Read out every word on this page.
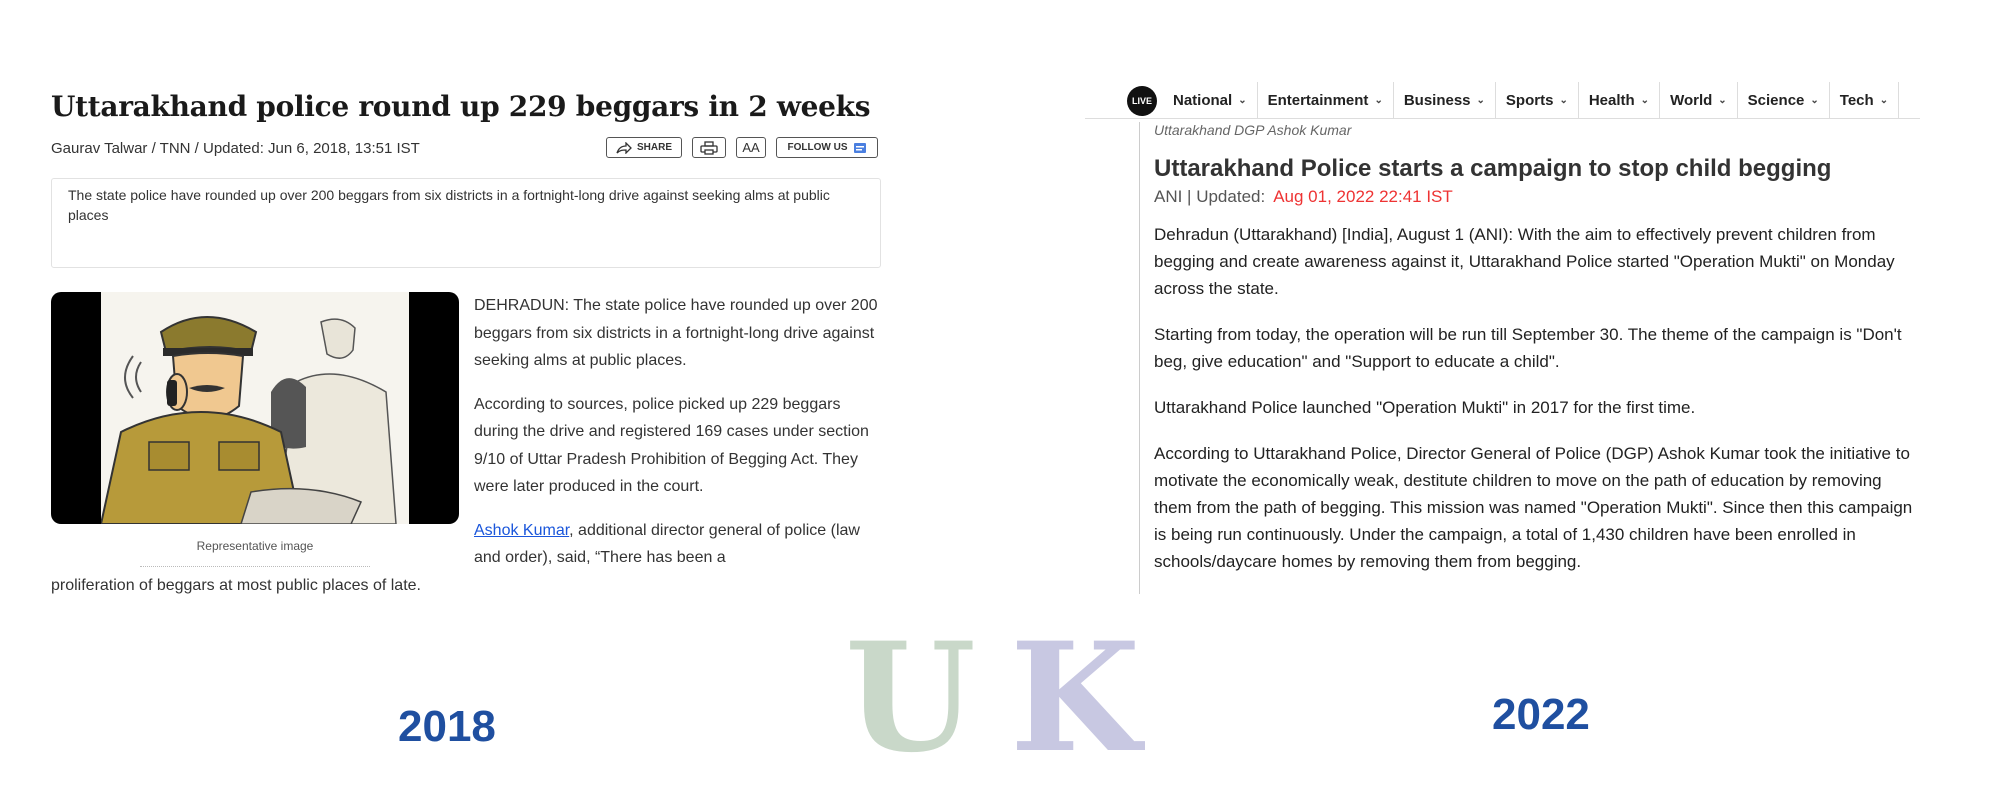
Uttarakhand police round up 229 beggars in 2 weeks
Gaurav Talwar / TNN / Updated: Jun 6, 2018, 13:51 IST	SHARE	AA	FOLLOW US
The state police have rounded up over 200 beggars from six districts in a fortnight-long drive against seeking alms at public places
Representative image

DEHRADUN: The state police have rounded up over 200 beggars from six districts in a fortnight-long drive against seeking alms at public places.

According to sources, police picked up 229 beggars during the drive and registered 169 cases under section 9/10 of Uttar Pradesh Prohibition of Begging Act. They were later produced in the court.

Ashok Kumar, additional director general of police (law and order), said, “There has been a

proliferation of beggars at most public places of late.
2018
LIVE	National ⌄ Entertainment ⌄ Business ⌄ Sports ⌄ Health ⌄ World ⌄ Science ⌄ Tech ⌄
Uttarakhand DGP Ashok Kumar
Uttarakhand Police starts a campaign to stop child begging
ANI | Updated: Aug 01, 2022 22:41 IST

Dehradun (Uttarakhand) [India], August 1 (ANI): With the aim to effectively prevent children from begging and create awareness against it, Uttarakhand Police started "Operation Mukti" on Monday across the state.

Starting from today, the operation will be run till September 30. The theme of the campaign is "Don't beg, give education" and "Support to educate a child".

Uttarakhand Police launched "Operation Mukti" in 2017 for the first time.

According to Uttarakhand Police, Director General of Police (DGP) Ashok Kumar took the initiative to motivate the economically weak, destitute children to move on the path of education by removing them from the path of begging. This mission was named "Operation Mukti". Since then this campaign is being run continuously. Under the campaign, a total of 1,430 children have been enrolled in schools/daycare homes by removing them from begging.

2022
U K
